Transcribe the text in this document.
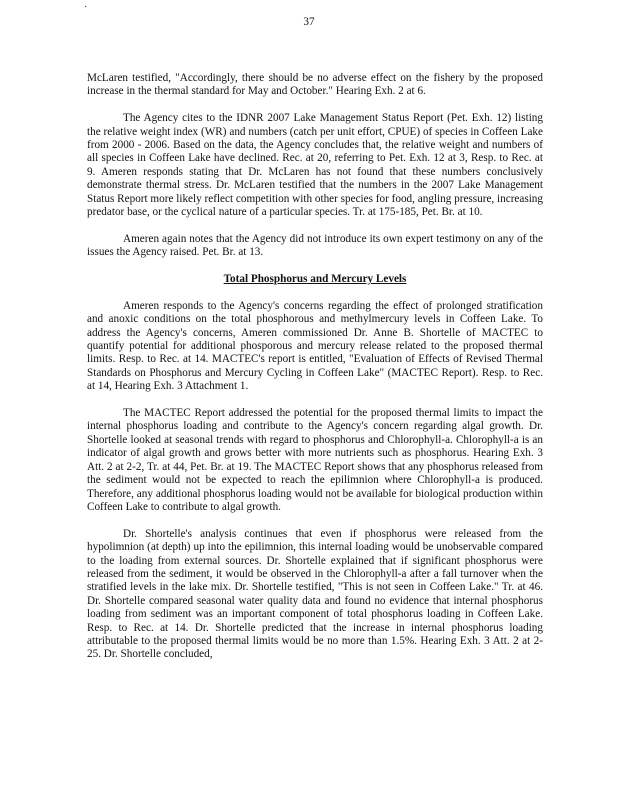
˙
37

McLaren testified, "Accordingly, there should be no adverse effect on the fishery by the proposed increase in the thermal standard for May and October." Hearing Exh. 2 at 6.

The Agency cites to the IDNR 2007 Lake Management Status Report (Pet. Exh. 12) listing the relative weight index (WR) and numbers (catch per unit effort, CPUE) of species in Coffeen Lake from 2000 - 2006. Based on the data, the Agency concludes that, the relative weight and numbers of all species in Coffeen Lake have declined. Rec. at 20, referring to Pet. Exh. 12 at 3, Resp. to Rec. at 9. Ameren responds stating that Dr. McLaren has not found that these numbers conclusively demonstrate thermal stress. Dr. McLaren testified that the numbers in the 2007 Lake Management Status Report more likely reflect competition with other species for food, angling pressure, increasing predator base, or the cyclical nature of a particular species. Tr. at 175-185, Pet. Br. at 10.

Ameren again notes that the Agency did not introduce its own expert testimony on any of the issues the Agency raised. Pet. Br. at 13.

Total Phosphorus and Mercury Levels

Ameren responds to the Agency's concerns regarding the effect of prolonged stratification and anoxic conditions on the total phosphorous and methylmercury levels in Coffeen Lake. To address the Agency's concerns, Ameren commissioned Dr. Anne B. Shortelle of MACTEC to quantify potential for additional phosporous and mercury release related to the proposed thermal limits. Resp. to Rec. at 14. MACTEC's report is entitled, "Evaluation of Effects of Revised Thermal Standards on Phosphorus and Mercury Cycling in Coffeen Lake" (MACTEC Report). Resp. to Rec. at 14, Hearing Exh. 3 Attachment 1.

The MACTEC Report addressed the potential for the proposed thermal limits to impact the internal phosphorus loading and contribute to the Agency's concern regarding algal growth. Dr. Shortelle looked at seasonal trends with regard to phosphorus and Chlorophyll-a. Chlorophyll-a is an indicator of algal growth and grows better with more nutrients such as phosphorus. Hearing Exh. 3 Att. 2 at 2-2, Tr. at 44, Pet. Br. at 19. The MACTEC Report shows that any phosphorus released from the sediment would not be expected to reach the epilimnion where Chlorophyll-a is produced. Therefore, any additional phosphorus loading would not be available for biological production within Coffeen Lake to contribute to algal growth.

Dr. Shortelle's analysis continues that even if phosphorus were released from the hypolimnion (at depth) up into the epilimnion, this internal loading would be unobservable compared to the loading from external sources. Dr. Shortelle explained that if significant phosphorus were released from the sediment, it would be observed in the Chlorophyll-a after a fall turnover when the stratified levels in the lake mix. Dr. Shortelle testified, "This is not seen in Coffeen Lake." Tr. at 46. Dr. Shortelle compared seasonal water quality data and found no evidence that internal phosphorus loading from sediment was an important component of total phosphorus loading in Coffeen Lake. Resp. to Rec. at 14. Dr. Shortelle predicted that the increase in internal phosphorus loading attributable to the proposed thermal limits would be no more than 1.5%. Hearing Exh. 3 Att. 2 at 2-25. Dr. Shortelle concluded,
